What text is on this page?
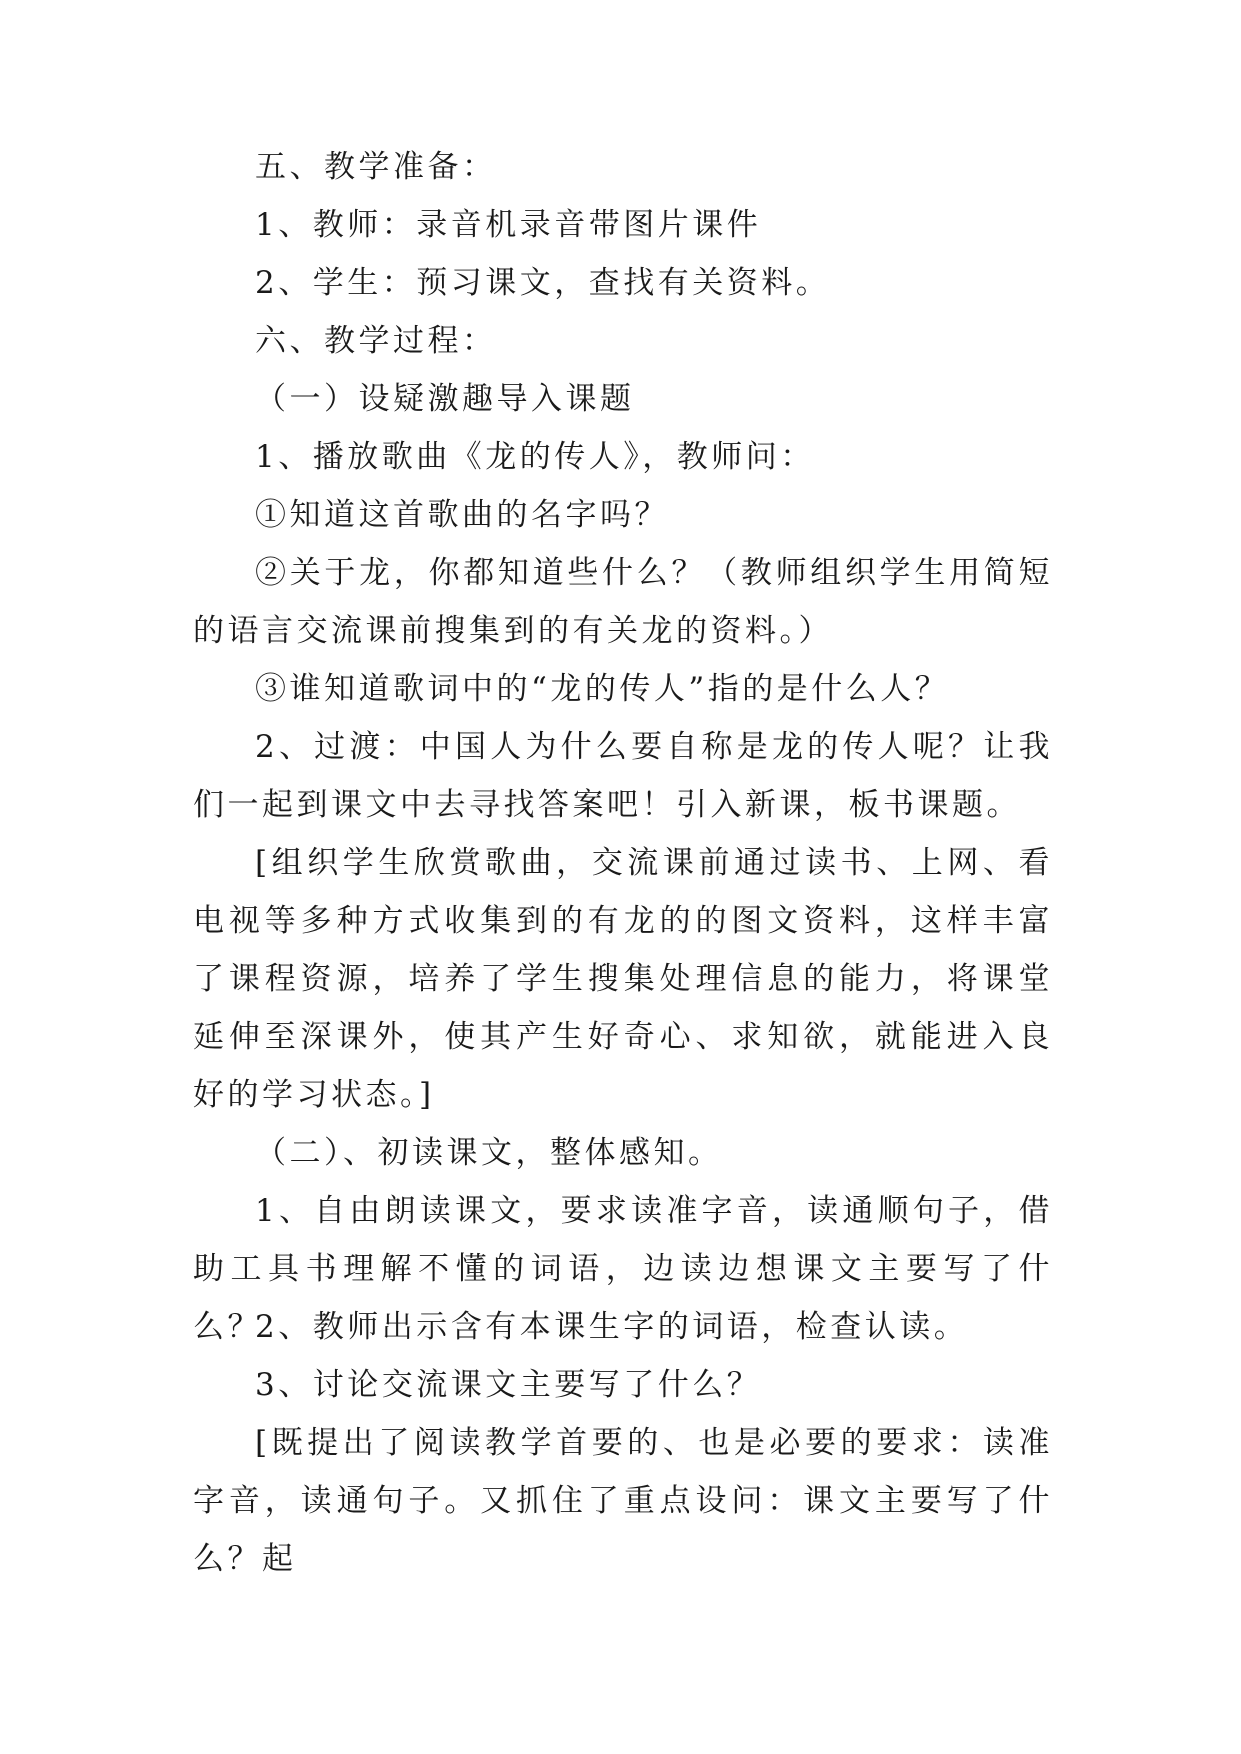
五、教学准备：

1、教师：录音机录音带图片课件

2、学生：预习课文，查找有关资料。

六、教学过程：

（一）设疑激趣导入课题

1、播放歌曲《龙的传人》，教师问：

①知道这首歌曲的名字吗？

②关于龙，你都知道些什么？（教师组织学生用简短的语言交流课前搜集到的有关龙的资料。）

③谁知道歌词中的“龙的传人”指的是什么人？

2、过渡：中国人为什么要自称是龙的传人呢？让我们一起到课文中去寻找答案吧！引入新课，板书课题。

[组织学生欣赏歌曲，交流课前通过读书、上网、看电视等多种方式收集到的有龙的的图文资料，这样丰富了课程资源，培养了学生搜集处理信息的能力，将课堂延伸至深课外，使其产生好奇心、求知欲，就能进入良好的学习状态。]

（二）、初读课文，整体感知。

1、自由朗读课文，要求读准字音，读通顺句子，借助工具书理解不懂的词语，边读边想课文主要写了什么？

2、教师出示含有本课生字的词语，检查认读。

3、讨论交流课文主要写了什么？

[既提出了阅读教学首要的、也是必要的要求：读准字音，读通句子。又抓住了重点设问：课文主要写了什么？起
